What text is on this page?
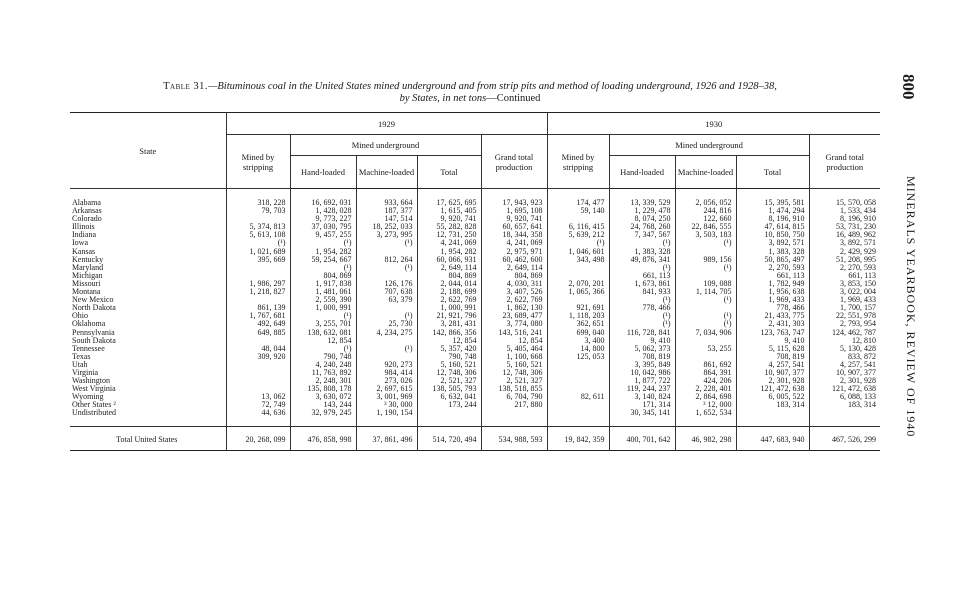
Table 31.—Bituminous coal in the United States mined underground and from strip pits and method of loading underground, 1926 and 1928–38,
by States, in net tons—Continued	800
MINERALS YEARBOOK, REVIEW OF 1940
State	1929					1930				
	Mined by stripping	Mined underground			Grand total production	Mined by stripping	Mined underground			Grand total production
		Hand-loaded	Machine-loaded	Total			Hand-loaded	Machine-loaded	Total	
Alabama	318, 228	16, 692, 031	933, 664	17, 625, 695	17, 943, 923	174, 477	13, 339, 529	2, 056, 052	15, 395, 581	15, 570, 058
Arkansas	79, 703	1, 428, 028	187, 377	1, 615, 405	1, 695, 108	59, 140	1, 229, 478	244, 816	1, 474, 294	1, 533, 434
Colorado		9, 773, 227	147, 514	9, 920, 741	9, 920, 741		8, 074, 250	122, 660	8, 196, 910	8, 196, 910
Illinois	5, 374, 813	37, 030, 795	18, 252, 033	55, 282, 828	60, 657, 641	6, 116, 415	24, 768, 260	22, 846, 555	47, 614, 815	53, 731, 230
Indiana	5, 613, 108	9, 457, 255	3, 273, 995	12, 731, 250	18, 344, 358	5, 639, 212	7, 347, 567	3, 503, 183	10, 850, 750	16, 489, 962
Iowa	(¹)	(¹)	(¹)	4, 241, 069	4, 241, 069	(¹)	(¹)	(¹)	3, 892, 571	3, 892, 571
Kansas	1, 021, 689	1, 954, 282		1, 954, 282	2, 975, 971	1, 046, 601	1, 383, 328		1, 383, 328	2, 429, 929
Kentucky	395, 669	59, 254, 667	812, 264	60, 066, 931	60, 462, 600	343, 498	49, 876, 341	989, 156	50, 865, 497	51, 208, 995
Maryland		(¹)	(¹)	2, 649, 114	2, 649, 114		(¹)	(¹)	2, 270, 593	2, 270, 593
Michigan		804, 869		804, 869	804, 869		661, 113		661, 113	661, 113
Missouri	1, 986, 297	1, 917, 838	126, 176	2, 044, 014	4, 030, 311	2, 070, 201	1, 673, 861	109, 088	1, 782, 949	3, 853, 150
Montana	1, 218, 827	1, 481, 061	707, 638	2, 188, 699	3, 407, 526	1, 065, 366	841, 933	1, 114, 705	1, 956, 638	3, 022, 004
New Mexico		2, 559, 390	63, 379	2, 622, 769	2, 622, 769		(¹)	(¹)	1, 969, 433	1, 969, 433
North Dakota	861, 139	1, 000, 991		1, 000, 991	1, 862, 130	921, 691	778, 466		778, 466	1, 700, 157
Ohio	1, 767, 681	(¹)	(¹)	21, 921, 796	23, 689, 477	1, 118, 203	(¹)	(¹)	21, 433, 775	22, 551, 978
Oklahoma	492, 649	3, 255, 701	25, 730	3, 281, 431	3, 774, 080	362, 651	(¹)	(¹)	2, 431, 303	2, 793, 954
Pennsylvania	649, 885	138, 632, 081	4, 234, 275	142, 866, 356	143, 516, 241	699, 040	116, 728, 841	7, 034, 906	123, 763, 747	124, 462, 787
South Dakota		12, 854		12, 854	12, 854	3, 400	9, 410		9, 410	12, 810
Tennessee	48, 044	(¹)	(¹)	5, 357, 420	5, 405, 464	14, 800	5, 062, 373	53, 255	5, 115, 628	5, 130, 428
Texas	309, 920	790, 748		790, 748	1, 100, 668	125, 053	708, 819		708, 819	833, 872
Utah		4, 240, 248	920, 273	5, 160, 521	5, 160, 521		3, 395, 849	861, 692	4, 257, 541	4, 257, 541
Virginia		11, 763, 892	984, 414	12, 748, 306	12, 748, 306		10, 042, 986	864, 391	10, 907, 377	10, 907, 377
Washington		2, 248, 301	273, 026	2, 521, 327	2, 521, 327		1, 877, 722	424, 206	2, 301, 928	2, 301, 928
West Virginia		135, 808, 178	2, 697, 615	138, 505, 793	138, 518, 855		119, 244, 237	2, 228, 401	121, 472, 638	121, 472, 638
Wyoming	13, 062	3, 630, 072	3, 001, 969	6, 632, 041	6, 704, 790	82, 611	3, 140, 824	2, 864, 698	6, 005, 522	6, 088, 133
Other States ²	72, 749	143, 244	³ 30, 000	173, 244	217, 880		171, 314	³ 12, 000	183, 314	183, 314
Undistributed	44, 636	32, 979, 245	1, 190, 154				30, 345, 141	1, 652, 534		
Total United States	20, 268, 099	476, 858, 998	37, 861, 496	514, 720, 494	534, 988, 593	19, 842, 359	400, 701, 642	46, 982, 298	447, 683, 940	467, 526, 299
